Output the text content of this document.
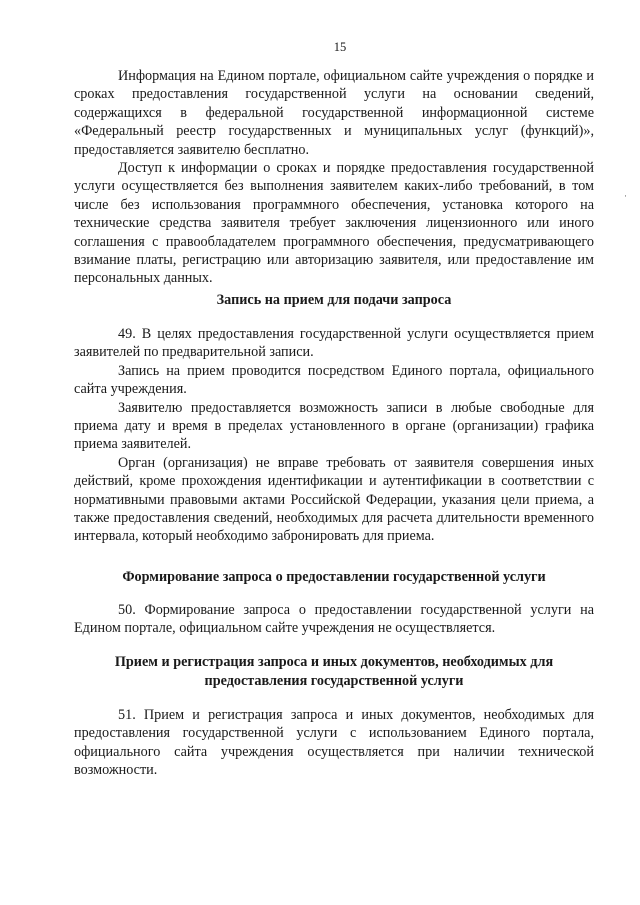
15
·

Информация на Едином портале, официальном сайте учреждения о порядке и сроках предоставления государственной услуги на основании сведений, содержащихся в федеральной государственной информационной системе «Федеральный реестр государственных и муниципальных услуг (функций)», предоставляется заявителю бесплатно.

Доступ к информации о сроках и порядке предоставления государственной услуги осуществляется без выполнения заявителем каких-либо требований, в том числе без использования программного обеспечения, установка которого на технические средства заявителя требует заключения лицензионного или иного соглашения с правообладателем программного обеспечения, предусматривающего взимание платы, регистрацию или авторизацию заявителя, или предоставление им персональных данных.

Запись на прием для подачи запроса

49. В целях предоставления государственной услуги осуществляется прием заявителей по предварительной записи.

Запись на прием проводится посредством Единого портала, официального сайта учреждения.

Заявителю предоставляется возможность записи в любые свободные для приема дату и время в пределах установленного в органе (организации) графика приема заявителей.

Орган (организация) не вправе требовать от заявителя совершения иных действий, кроме прохождения идентификации и аутентификации в соответствии с нормативными правовыми актами Российской Федерации, указания цели приема, а также предоставления сведений, необходимых для расчета длительности временного интервала, который необходимо забронировать для приема.

Формирование запроса о предоставлении государственной услуги

50. Формирование запроса о предоставлении государственной услуги на Едином портале, официальном сайте учреждения не осуществляется.

Прием и регистрация запроса и иных документов, необходимых для
предоставления государственной услуги

51. Прием и регистрация запроса и иных документов, необходимых для предоставления государственной услуги с использованием Единого портала, официального сайта учреждения осуществляется при наличии технической возможности.
